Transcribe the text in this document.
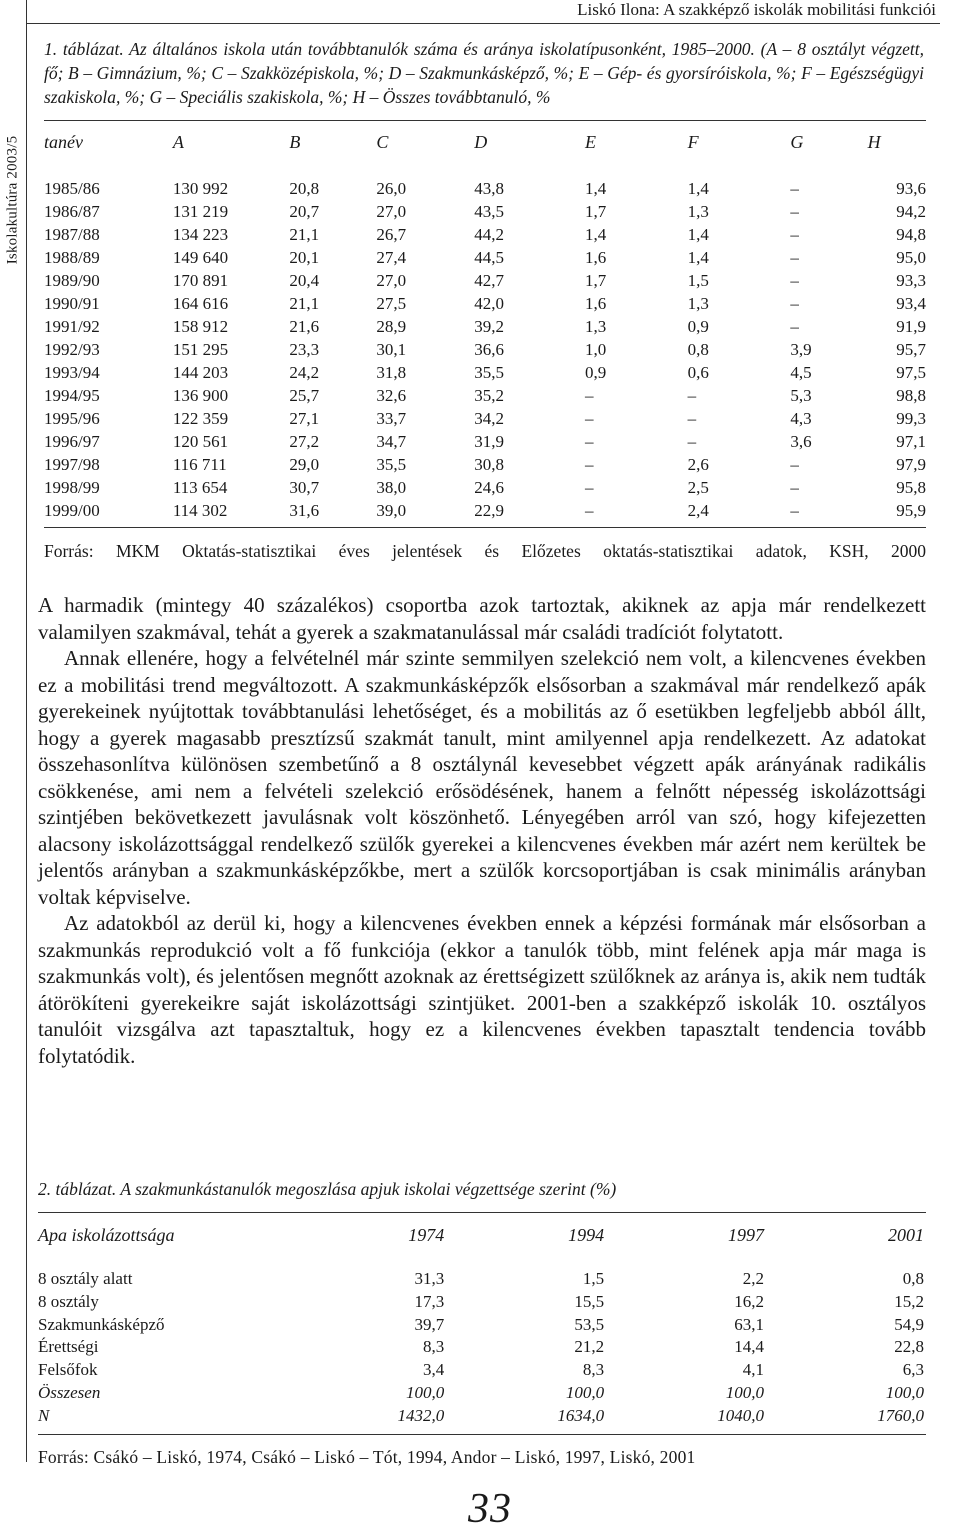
Iskolakultúra 2003/5
Liskó Ilona: A szakképző iskolák mobilitási funkciói
1. táblázat. Az általános iskola után továbbtanulók száma és aránya iskolatípusonként, 1985–2000. (A – 8 osztályt végzett, fő; B – Gimnázium, %; C – Szakközépiskola, %; D – Szakmunkásképző, %; E – Gép- és gyorsíróiskola, %; F – Egészségügyi szakiskola, %; G – Speciális szakiskola, %; H – Összes továbbtanuló, %
tanév	A	B	C	D	E	F	G	H

1985/86	130 992	20,8	26,0	43,8	1,4	1,4	–	93,6
1986/87	131 219	20,7	27,0	43,5	1,7	1,3	–	94,2
1987/88	134 223	21,1	26,7	44,2	1,4	1,4	–	94,8
1988/89	149 640	20,1	27,4	44,5	1,6	1,4	–	95,0
1989/90	170 891	20,4	27,0	42,7	1,7	1,5	–	93,3
1990/91	164 616	21,1	27,5	42,0	1,6	1,3	–	93,4
1991/92	158 912	21,6	28,9	39,2	1,3	0,9	–	91,9
1992/93	151 295	23,3	30,1	36,6	1,0	0,8	3,9	95,7
1993/94	144 203	24,2	31,8	35,5	0,9	0,6	4,5	97,5
1994/95	136 900	25,7	32,6	35,2	–	–	5,3	98,8
1995/96	122 359	27,1	33,7	34,2	–	–	4,3	99,3
1996/97	120 561	27,2	34,7	31,9	–	–	3,6	97,1
1997/98	116 711	29,0	35,5	30,8	–	2,6	–	97,9
1998/99	113 654	30,7	38,0	24,6	–	2,5	–	95,8
1999/00	114 302	31,6	39,0	22,9	–	2,4	–	95,9
Forrás: MKM Oktatás-statisztikai éves jelentések és Előzetes oktatás-statisztikai adatok, KSH, 2000

A harmadik (mintegy 40 százalékos) csoportba azok tartoztak, akiknek az apja már rendelkezett valamilyen szakmával, tehát a gyerek a szakmatanulással már családi tradíciót folytatott.

Annak ellenére, hogy a felvételnél már szinte semmilyen szelekció nem volt, a kilencvenes években ez a mobilitási trend megváltozott. A szakmunkásképzők elsősorban a szakmával már rendelkező apák gyerekeinek nyújtottak továbbtanulási lehetőséget, és a mobilitás az ő esetükben legfeljebb abból állt, hogy a gyerek magasabb presztízsű szakmát tanult, mint amilyennel apja rendelkezett. Az adatokat összehasonlítva különösen szembetűnő a 8 osztálynál kevesebbet végzett apák arányának radikális csökkenése, ami nem a felvételi szelekció erősödésének, hanem a felnőtt népesség iskolázottsági szintjében bekövetkezett javulásnak volt köszönhető. Lényegében arról van szó, hogy kifejezetten alacsony iskolázottsággal rendelkező szülők gyerekei a kilencvenes években már azért nem kerültek be jelentős arányban a szakmunkásképzőkbe, mert a szülők korcsoportjában is csak minimális arányban voltak képviselve.

Az adatokból az derül ki, hogy a kilencvenes években ennek a képzési formának már elsősorban a szakmunkás reprodukció volt a fő funkciója (ekkor a tanulók több, mint felének apja már maga is szakmunkás volt), és jelentősen megnőtt azoknak az érettségizett szülőknek az aránya is, akik nem tudták átörökíteni gyerekeikre saját iskolázottsági szintjüket. 2001-ben a szakképző iskolák 10. osztályos tanulóit vizsgálva azt tapasztaltuk, hogy ez a kilencvenes években tapasztalt tendencia tovább folytatódik.

2. táblázat. A szakmunkástanulók megoszlása apjuk iskolai végzettsége szerint (%)
Apa iskolázottsága	1974	1994	1997	2001

8 osztály alatt	31,3	1,5	2,2	0,8
8 osztály	17,3	15,5	16,2	15,2
Szakmunkásképző	39,7	53,5	63,1	54,9
Érettségi	8,3	21,2	14,4	22,8
Felsőfok	3,4	8,3	4,1	6,3
Összesen	100,0	100,0	100,0	100,0
N	1432,0	1634,0	1040,0	1760,0
Forrás: Csákó – Liskó, 1974, Csákó – Liskó – Tót, 1994, Andor – Liskó, 1997, Liskó, 2001
33
